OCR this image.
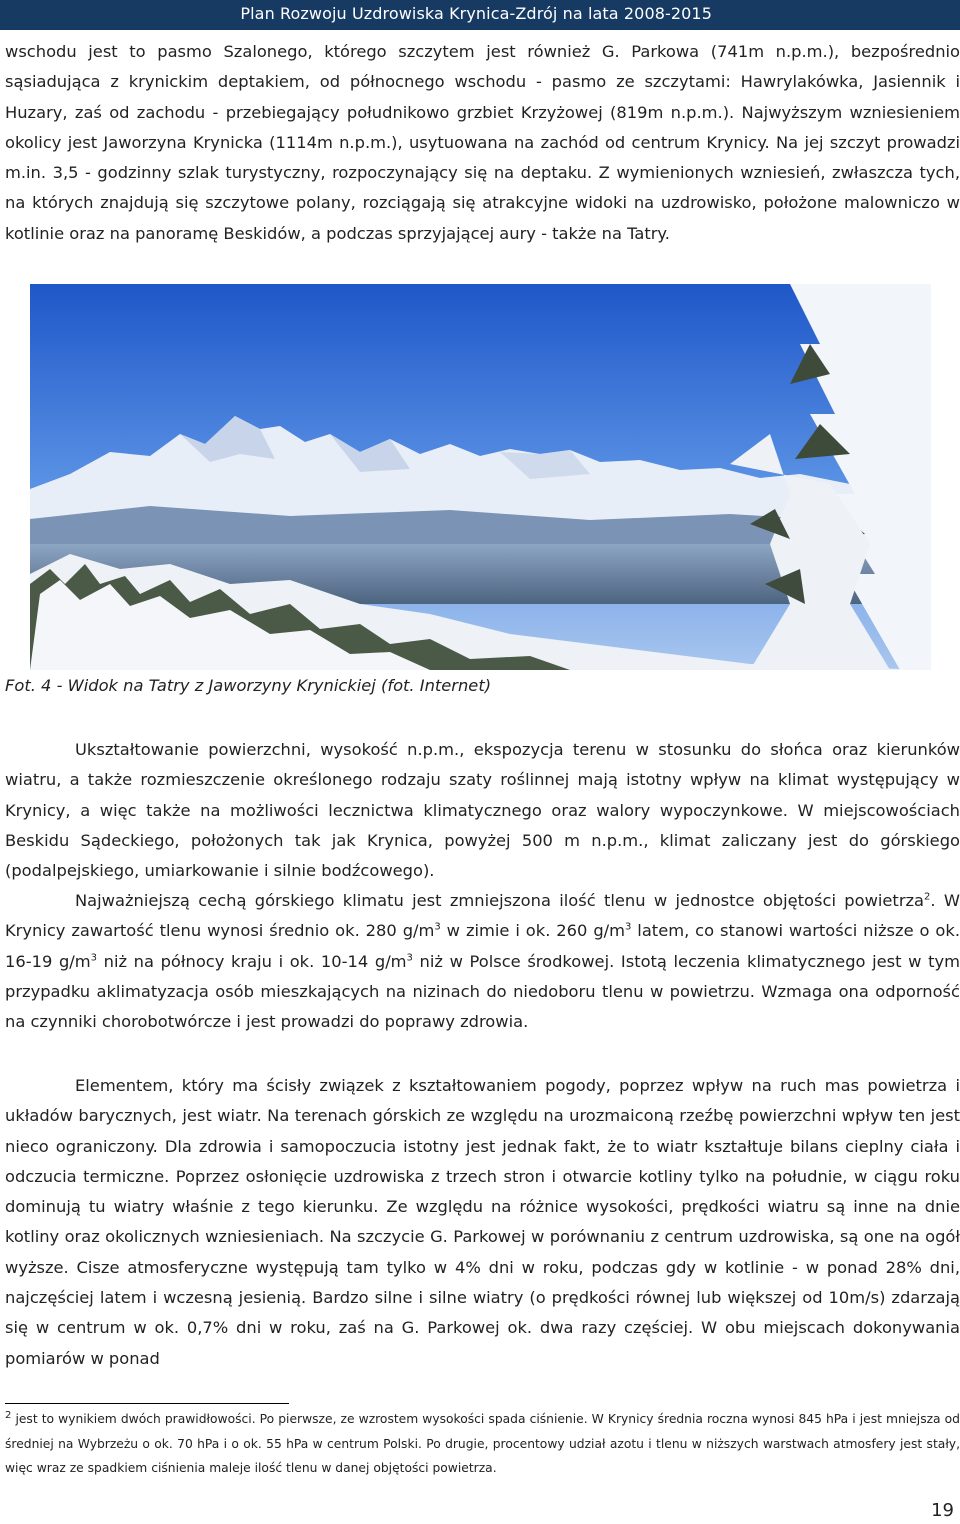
Plan Rozwoju Uzdrowiska Krynica-Zdrój na lata 2008-2015

wschodu jest to pasmo Szalonego, którego szczytem jest również G. Parkowa (741m n.p.m.), bezpośrednio sąsiadująca z krynickim deptakiem, od północnego wschodu - pasmo ze szczytami: Hawrylakówka, Jasiennik i Huzary, zaś od zachodu - przebiegający południkowo grzbiet Krzyżowej (819m n.p.m.). Najwyższym wzniesieniem okolicy jest Jaworzyna Krynicka (1114m n.p.m.), usytuowana na zachód od centrum Krynicy. Na jej szczyt prowadzi m.in. 3,5 - godzinny szlak turystyczny, rozpoczynający się na deptaku. Z wymienionych wzniesień, zwłaszcza tych, na których znajdują się szczytowe polany, rozciągają się atrakcyjne widoki na uzdrowisko, położone malowniczo w kotlinie oraz na panoramę Beskidów, a podczas sprzyjającej aury - także na Tatry.

Fot. 4 - Widok na Tatry z Jaworzyny Krynickiej (fot. Internet)

Ukształtowanie powierzchni, wysokość n.p.m., ekspozycja terenu w stosunku do słońca oraz kierunków wiatru, a także rozmieszczenie określonego rodzaju szaty roślinnej mają istotny wpływ na klimat występujący w Krynicy, a więc także na możliwości lecznictwa klimatycznego oraz walory wypoczynkowe. W miejscowościach Beskidu Sądeckiego, położonych tak jak Krynica, powyżej 500 m n.p.m., klimat zaliczany jest do górskiego (podalpejskiego, umiarkowanie i silnie bodźcowego).

Najważniejszą cechą górskiego klimatu jest zmniejszona ilość tlenu w jednostce objętości powietrza$^2$. W Krynicy zawartość tlenu wynosi średnio ok. 280 $g/m^3$ w zimie i ok. 260 $g/m^3$ latem, co stanowi wartości niższe o ok. 16-19 $g/m^3$ niż na północy kraju i ok. 10-14 $g/m^3$ niż w Polsce środkowej. Istotą leczenia klimatycznego jest w tym przypadku aklimatyzacja osób mieszkających na nizinach do niedoboru tlenu w powietrzu. Wzmaga ona odporność na czynniki chorobotwórcze i jest prowadzi do poprawy zdrowia.

Elementem, który ma ścisły związek z kształtowaniem pogody, poprzez wpływ na ruch mas powietrza i układów barycznych, jest wiatr. Na terenach górskich ze względu na urozmaiconą rzeźbę powierzchni wpływ ten jest nieco ograniczony. Dla zdrowia i samopoczucia istotny jest jednak fakt, że to wiatr kształtuje bilans cieplny ciała i odczucia termiczne. Poprzez osłonięcie uzdrowiska z trzech stron i otwarcie kotliny tylko na południe, w ciągu roku dominują tu wiatry właśnie z tego kierunku. Ze względu na różnice wysokości, prędkości wiatru są inne na dnie kotliny oraz okolicznych wzniesieniach. Na szczycie G. Parkowej w porównaniu z centrum uzdrowiska, są one na ogół wyższe. Cisze atmosferyczne występują tam tylko w 4% dni w roku, podczas gdy w kotlinie - w ponad 28% dni, najczęściej latem i wczesną jesienią. Bardzo silne i silne wiatry (o prędkości równej lub większej od 10m/s) zdarzają się w centrum w ok. 0,7% dni w roku, zaś na G. Parkowej ok. dwa razy częściej. W obu miejscach dokonywania pomiarów w ponad

$^2$ jest to wynikiem dwóch prawidłowości. Po pierwsze, ze wzrostem wysokości spada ciśnienie. W Krynicy średnia roczna wynosi 845 hPa i jest mniejsza od średniej na Wybrzeżu o ok. 70 hPa i o ok. 55 hPa w centrum Polski. Po drugie, procentowy udział azotu i tlenu w niższych warstwach atmosfery jest stały, więc wraz ze spadkiem ciśnienia maleje ilość tlenu w danej objętości powietrza.

19
